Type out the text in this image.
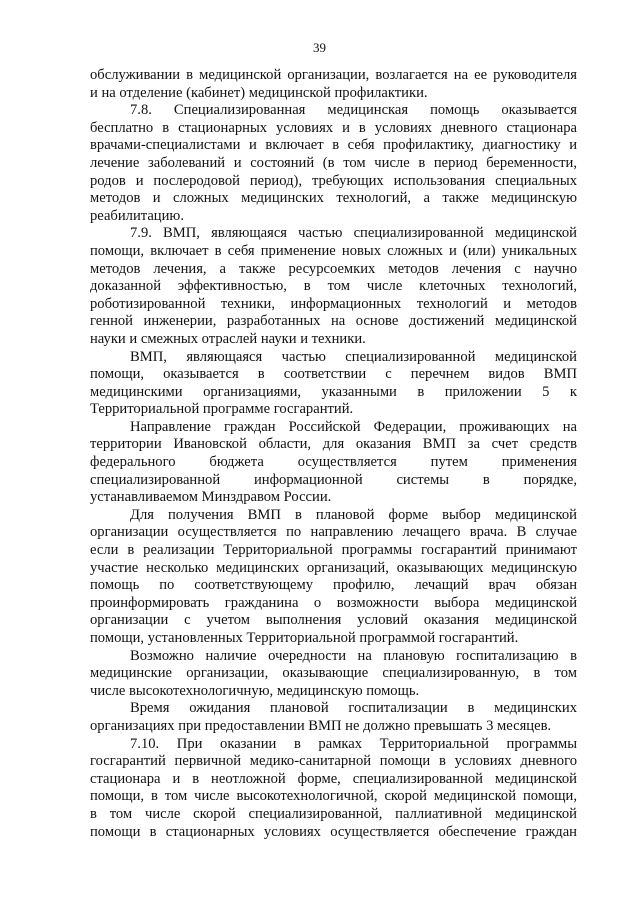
39

обслуживании в медицинской организации, возлагается на ее руководителя
и на отделение (кабинет) медицинской профилактики.

7.8. Специализированная медицинская помощь оказывается
бесплатно в стационарных условиях и в условиях дневного стационара
врачами-специалистами и включает в себя профилактику, диагностику и
лечение заболеваний и состояний (в том числе в период беременности,
родов и послеродовой период), требующих использования специальных
методов и сложных медицинских технологий, а также медицинскую
реабилитацию.

7.9. ВМП, являющаяся частью специализированной медицинской
помощи, включает в себя применение новых сложных и (или) уникальных
методов лечения, а также ресурсоемких методов лечения с научно
доказанной эффективностью, в том числе клеточных технологий,
роботизированной техники, информационных технологий и методов
генной инженерии, разработанных на основе достижений медицинской
науки и смежных отраслей науки и техники.

ВМП, являющаяся частью специализированной медицинской
помощи, оказывается в соответствии с перечнем видов ВМП
медицинскими организациями, указанными в приложении 5 к
Территориальной программе госгарантий.

Направление граждан Российской Федерации, проживающих на
территории Ивановской области, для оказания ВМП за счет средств
федерального бюджета осуществляется путем применения
специализированной информационной системы в порядке,
устанавливаемом Минздравом России.

Для получения ВМП в плановой форме выбор медицинской
организации осуществляется по направлению лечащего врача. В случае
если в реализации Территориальной программы госгарантий принимают
участие несколько медицинских организаций, оказывающих медицинскую
помощь по соответствующему профилю, лечащий врач обязан
проинформировать гражданина о возможности выбора медицинской
организации с учетом выполнения условий оказания медицинской
помощи, установленных Территориальной программой госгарантий.

Возможно наличие очередности на плановую госпитализацию в
медицинские организации, оказывающие специализированную, в том
числе высокотехнологичную, медицинскую помощь.

Время ожидания плановой госпитализации в медицинских
организациях при предоставлении ВМП не должно превышать 3 месяцев.

7.10. При оказании в рамках Территориальной программы
госгарантий первичной медико-санитарной помощи в условиях дневного
стационара и в неотложной форме, специализированной медицинской
помощи, в том числе высокотехнологичной, скорой медицинской помощи,
в том числе скорой специализированной, паллиативной медицинской
помощи в стационарных условиях осуществляется обеспечение граждан
